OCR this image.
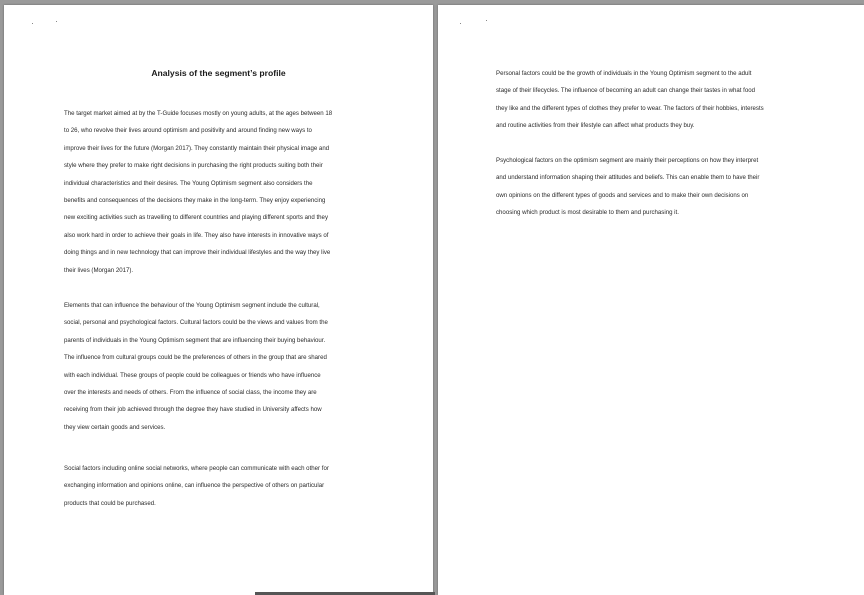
Analysis of the segment’s profile
The target market aimed at by the T-Guide focuses mostly on young adults, at the ages between 18
to 26, who revolve their lives around optimism and positivity and around finding new ways to
improve their lives for the future (Morgan 2017). They constantly maintain their physical image and
style where they prefer to make right decisions in purchasing the right products suiting both their
individual characteristics and their desires. The Young Optimism segment also considers the
benefits and consequences of the decisions they make in the long-term. They enjoy experiencing
new exciting activities such as travelling to different countries and playing different sports and they
also work hard in order to achieve their goals in life. They also have interests in innovative ways of
doing things and in new technology that can improve their individual lifestyles and the way they live
their lives (Morgan 2017).
Elements that can influence the behaviour of the Young Optimism segment include the cultural,
social, personal and psychological factors. Cultural factors could be the views and values from the
parents of individuals in the Young Optimism segment that are influencing their buying behaviour.
The influence from cultural groups could be the preferences of others in the group that are shared
with each individual. These groups of people could be colleagues or friends who have influence
over the interests and needs of others. From the influence of social class, the income they are
receiving from their job achieved through the degree they have studied in University affects how
they view certain goods and services.
Social factors including online social networks, where people can communicate with each other for
exchanging information and opinions online, can influence the perspective of others on particular
products that could be purchased.
Personal factors could be the growth of individuals in the Young Optimism segment to the adult
stage of their lifecycles. The influence of becoming an adult can change their tastes in what food
they like and the different types of clothes they prefer to wear. The factors of their hobbies, interests
and routine activities from their lifestyle can affect what products they buy.
Psychological factors on the optimism segment are mainly their perceptions on how they interpret
and understand information shaping their attitudes and beliefs. This can enable them to have their
own opinions on the different types of goods and services and to make their own decisions on
choosing which product is most desirable to them and purchasing it.
